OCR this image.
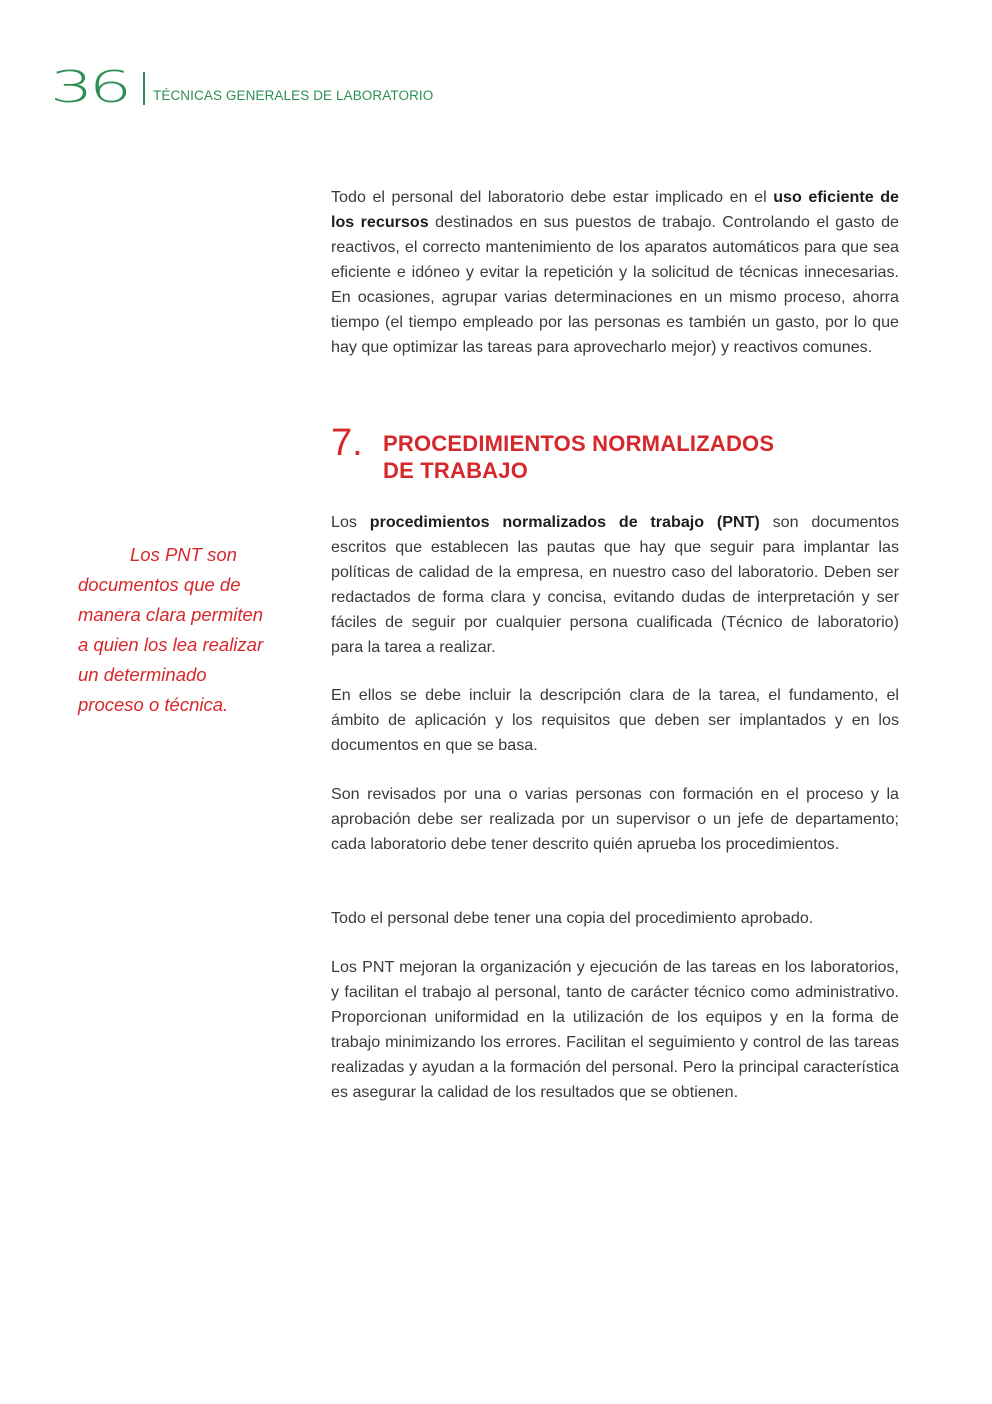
36 TÉCNICAS GENERALES DE LABORATORIO

Todo el personal del laboratorio debe estar implicado en el uso eficiente de los recursos destinados en sus puestos de trabajo. Controlando el gasto de reactivos, el correcto mantenimiento de los aparatos automáticos para que sea eficiente e idóneo y evitar la repetición y la solicitud de técnicas innecesarias. En ocasiones, agrupar varias determinaciones en un mismo proceso, ahorra tiempo (el tiempo empleado por las personas es también un gasto, por lo que hay que optimizar las tareas para aprovecharlo mejor) y reactivos comunes.

7. PROCEDIMIENTOS NORMALIZADOS
DE TRABAJO
Los PNT son
documentos que de
manera clara permiten
a quien los lea realizar
un determinado
proceso o técnica.

Los procedimientos normalizados de trabajo (PNT) son documentos escritos que establecen las pautas que hay que seguir para implantar las políticas de calidad de la empresa, en nuestro caso del laboratorio. Deben ser redactados de forma clara y concisa, evitando dudas de interpretación y ser fáciles de seguir por cualquier persona cualificada (Técnico de laboratorio) para la tarea a realizar.

En ellos se debe incluir la descripción clara de la tarea, el fundamento, el ámbito de aplicación y los requisitos que deben ser implantados y en los documentos en que se basa.

Son revisados por una o varias personas con formación en el proceso y la aprobación debe ser realizada por un supervisor o un jefe de departamento; cada laboratorio debe tener descrito quién aprueba los procedimientos.

Todo el personal debe tener una copia del procedimiento aprobado.

Los PNT mejoran la organización y ejecución de las tareas en los laboratorios, y facilitan el trabajo al personal, tanto de carácter técnico como administrativo. Proporcionan uniformidad en la utilización de los equipos y en la forma de trabajo minimizando los errores. Facilitan el seguimiento y control de las tareas realizadas y ayudan a la formación del personal. Pero la principal característica es asegurar la calidad de los resultados que se obtienen.
